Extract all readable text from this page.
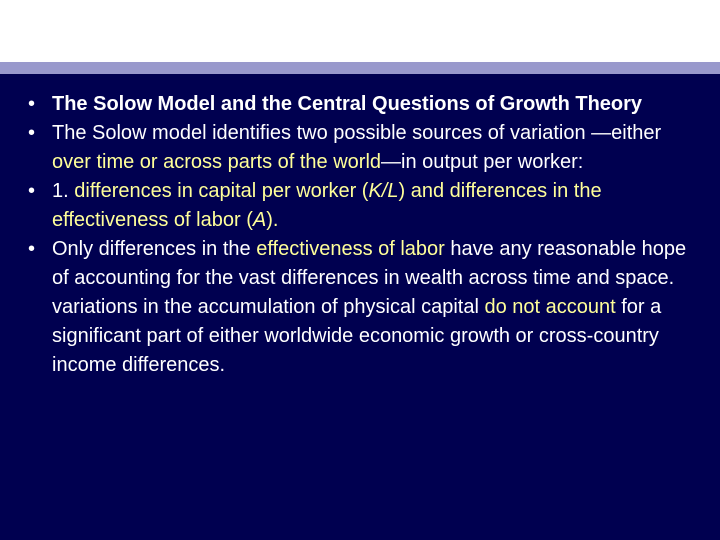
• The Solow Model and the Central Questions of Growth Theory
• The Solow model identifies two possible sources of variation —either over time or across parts of the world—in output per worker:
• 1. differences in capital per worker (K/L) and differences in the effectiveness of labor (A).
• Only differences in the effectiveness of labor have any reasonable hope of accounting for the vast differences in wealth across time and space. variations in the accumulation of physical capital do not account for a significant part of either worldwide economic growth or cross-country income differences.
